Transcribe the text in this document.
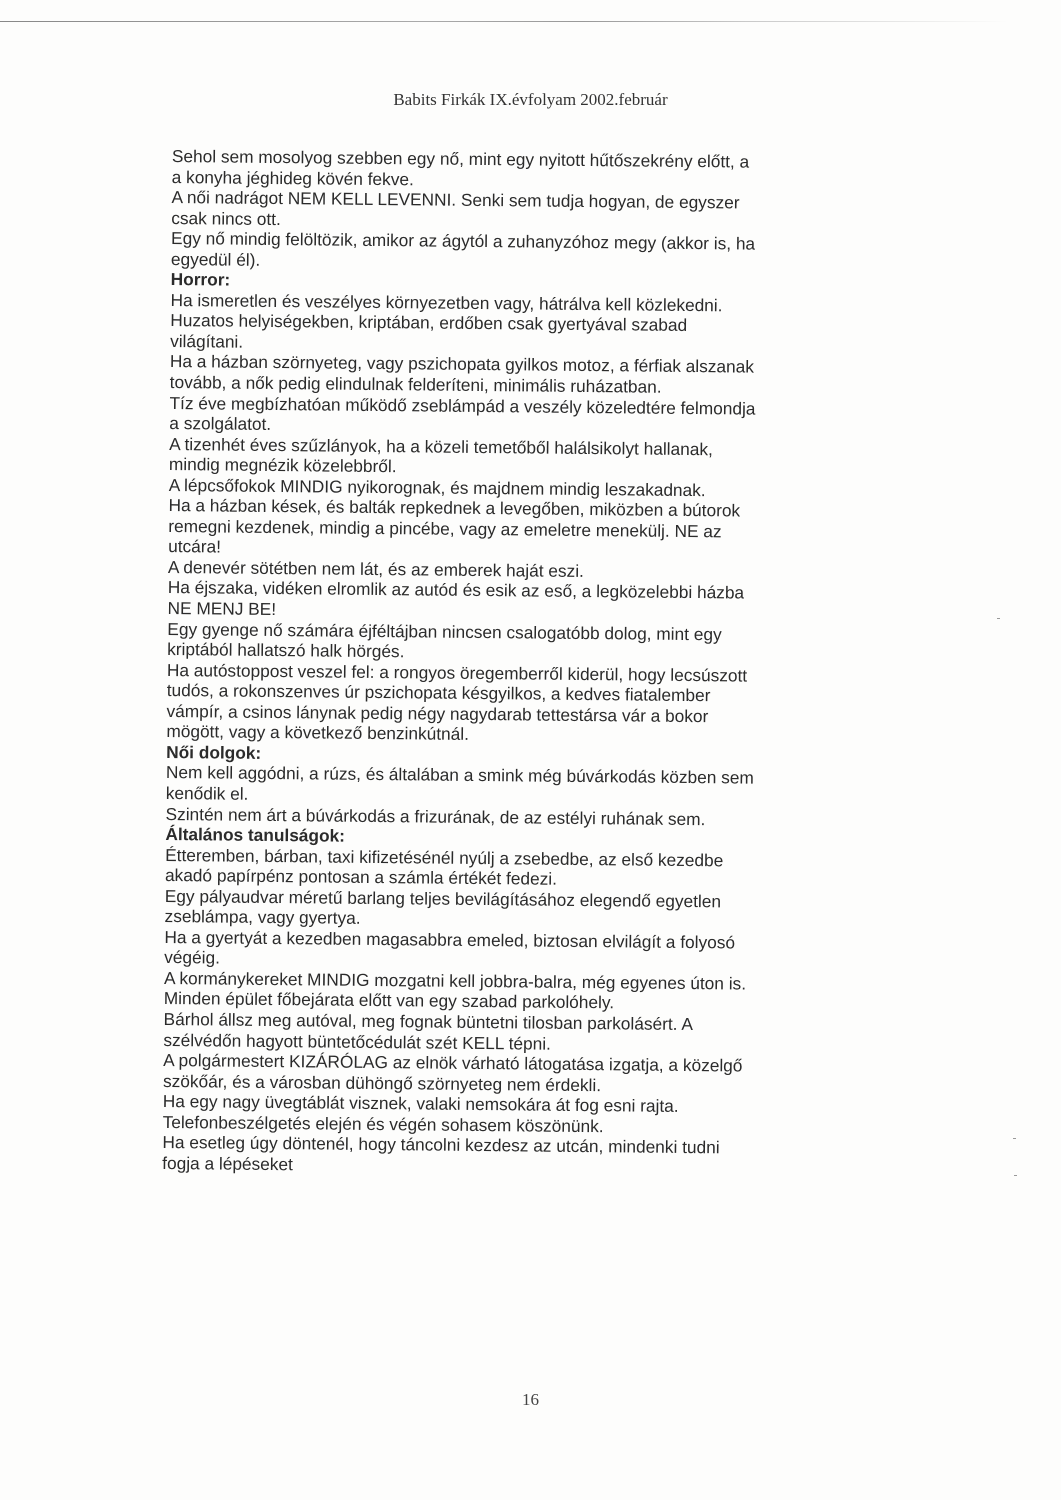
Babits Firkák IX.évfolyam 2002.február
Sehol sem mosolyog szebben egy nő, mint egy nyitott hűtőszekrény előtt, a
a konyha jéghideg kövén fekve.
A női nadrágot NEM KELL LEVENNI. Senki sem tudja hogyan, de egyszer
csak nincs ott.
Egy nő mindig felöltözik, amikor az ágytól a zuhanyzóhoz megy (akkor is, ha
egyedül él).
Horror:
Ha ismeretlen és veszélyes környezetben vagy, hátrálva kell közlekedni.
Huzatos helyiségekben, kriptában, erdőben csak gyertyával szabad
világítani.
Ha a házban szörnyeteg, vagy pszichopata gyilkos motoz, a férfiak alszanak
tovább, a nők pedig elindulnak felderíteni, minimális ruházatban.
Tíz éve megbízhatóan működő zseblámpád a veszély közeledtére felmondja
a szolgálatot.
A tizenhét éves szűzlányok, ha a közeli temetőből halálsikolyt hallanak,
mindig megnézik közelebbről.
A lépcsőfokok MINDIG nyikorognak, és majdnem mindig leszakadnak.
Ha a házban kések, és balták repkednek a levegőben, miközben a bútorok
remegni kezdenek, mindig a pincébe, vagy az emeletre menekülj. NE az
utcára!
A denevér sötétben nem lát, és az emberek haját eszi.
Ha éjszaka, vidéken elromlik az autód és esik az eső, a legközelebbi házba
NE MENJ BE!
Egy gyenge nő számára éjféltájban nincsen csalogatóbb dolog, mint egy
kriptából hallatszó halk hörgés.
Ha autóstoppost veszel fel: a rongyos öregemberről kiderül, hogy lecsúszott
tudós, a rokonszenves úr pszichopata késgyilkos, a kedves fiatalember
vámpír, a csinos lánynak pedig négy nagydarab tettestársa vár a bokor
mögött, vagy a következő benzinkútnál.
Női dolgok:
Nem kell aggódni, a rúzs, és általában a smink még búvárkodás közben sem
kenődik el.
Szintén nem árt a búvárkodás a frizurának, de az estélyi ruhának sem.
Általános tanulságok:
Étteremben, bárban, taxi kifizetésénél nyúlj a zsebedbe, az első kezedbe
akadó papírpénz pontosan a számla értékét fedezi.
Egy pályaudvar méretű barlang teljes bevilágításához elegendő egyetlen
zseblámpa, vagy gyertya.
Ha a gyertyát a kezedben magasabbra emeled, biztosan elvilágít a folyosó
végéig.
A kormánykereket MINDIG mozgatni kell jobbra-balra, még egyenes úton is.
Minden épület főbejárata előtt van egy szabad parkolóhely.
Bárhol állsz meg autóval, meg fognak büntetni tilosban parkolásért. A
szélvédőn hagyott büntetőcédulát szét KELL tépni.
A polgármestert KIZÁRÓLAG az elnök várható látogatása izgatja, a közelgő
szökőár, és a városban dühöngő szörnyeteg nem érdekli.
Ha egy nagy üvegtáblát visznek, valaki nemsokára át fog esni rajta.
Telefonbeszélgetés elején és végén sohasem köszönünk.
Ha esetleg úgy döntenél, hogy táncolni kezdesz az utcán, mindenki tudni
fogja a lépéseket
16
